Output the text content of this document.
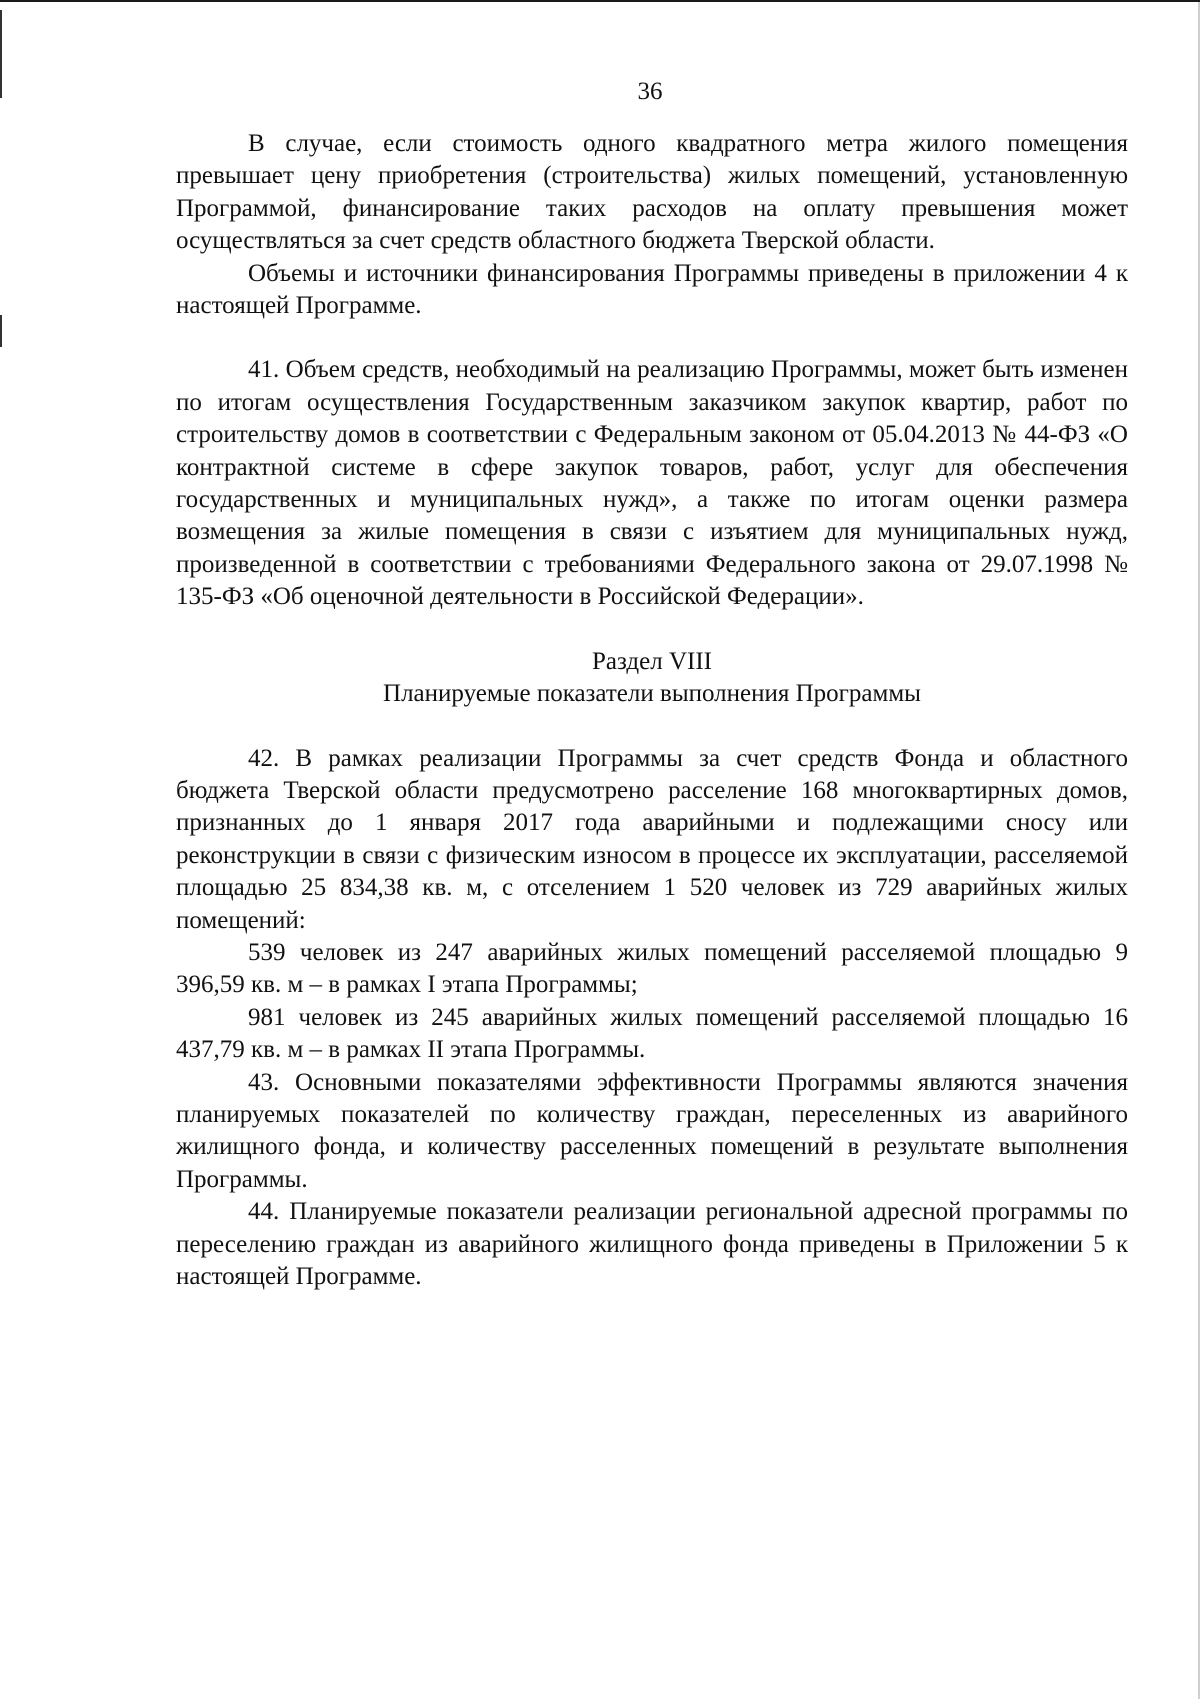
36

В случае, если стоимость одного квадратного метра жилого помещения превышает цену приобретения (строительства) жилых помещений, установленную Программой, финансирование таких расходов на оплату превышения может осуществляться за счет средств областного бюджета Тверской области.

Объемы и источники финансирования Программы приведены в приложении 4 к настоящей Программе.

41. Объем средств, необходимый на реализацию Программы, может быть изменен по итогам осуществления Государственным заказчиком закупок квартир, работ по строительству домов в соответствии с Федеральным законом от 05.04.2013 № 44-ФЗ «О контрактной системе в сфере закупок товаров, работ, услуг для обеспечения государственных и муниципальных нужд», а также по итогам оценки размера возмещения за жилые помещения в связи с изъятием для муниципальных нужд, произведенной в соответствии с требованиями Федерального закона от 29.07.1998 № 135-ФЗ «Об оценочной деятельности в Российской Федерации».

Раздел VIII

Планируемые показатели выполнения Программы

42. В рамках реализации Программы за счет средств Фонда и областного бюджета Тверской области предусмотрено расселение 168 многоквартирных домов, признанных до 1 января 2017 года аварийными и подлежащими сносу или реконструкции в связи с физическим износом в процессе их эксплуатации, расселяемой площадью 25 834,38 кв. м, с отселением 1 520 человек из 729 аварийных жилых помещений:

539 человек из 247 аварийных жилых помещений расселяемой площадью 9 396,59 кв. м – в рамках I этапа Программы;

981 человек из 245 аварийных жилых помещений расселяемой площадью 16 437,79 кв. м – в рамках II этапа Программы.

43. Основными показателями эффективности Программы являются значения планируемых показателей по количеству граждан, переселенных из аварийного жилищного фонда, и количеству расселенных помещений в результате выполнения Программы.

44. Планируемые показатели реализации региональной адресной программы по переселению граждан из аварийного жилищного фонда приведены в Приложении 5 к настоящей Программе.
